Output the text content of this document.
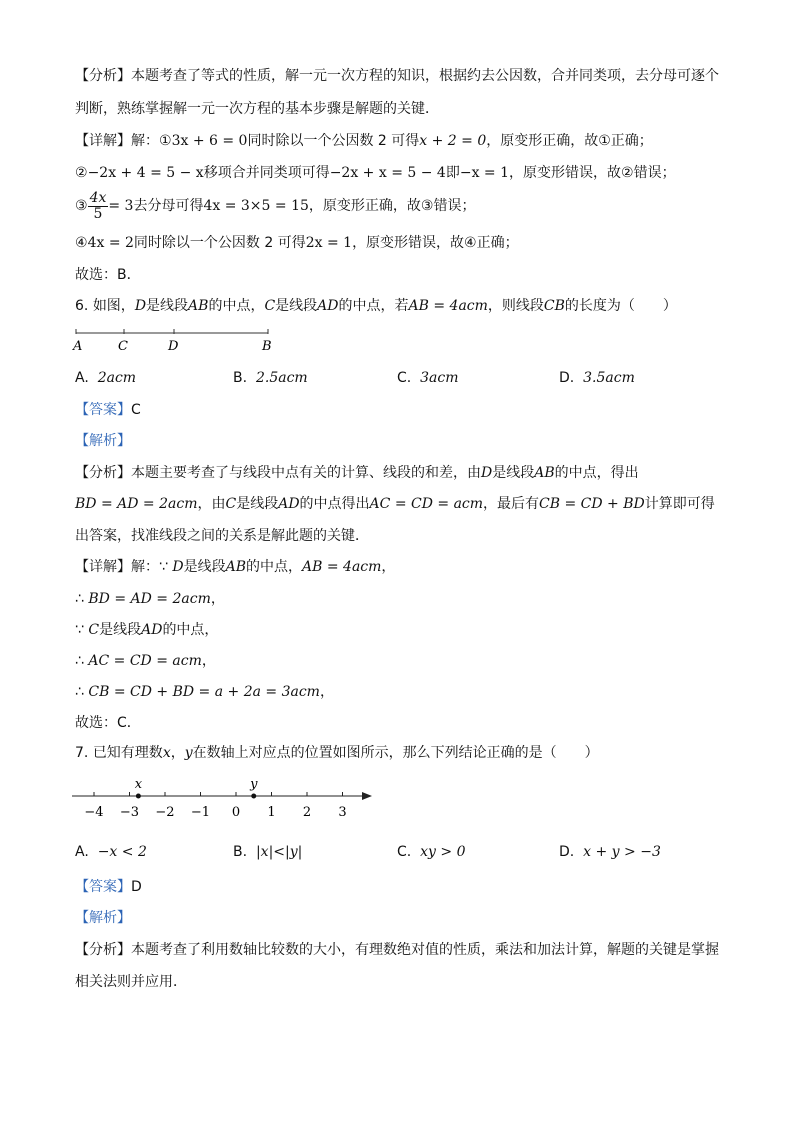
【分析】本题考查了等式的性质，解一元一次方程的知识，根据约去公因数，合并同类项，去分母可逐个
判断，熟练掌握解一元一次方程的基本步骤是解题的关键．
【详解】解：①3x + 6 = 0同时除以一个公因数 2 可得x + 2 = 0，原变形正确，故①正确；
②−2x + 4 = 5 − x移项合并同类项可得−2x + x = 5 − 4即−x = 1，原变形错误，故②错误；
③ $\frac{4x}{5} = 3$去分母可得4x = 3×5 = 15，原变形正确，故③错误；
④4x = 2同时除以一个公因数 2 可得2x = 1，原变形错误，故④正确；
故选：B．
6. 如图，D是线段AB的中点，C是线段AD的中点，若AB = 4acm，则线段CB的长度为（　　）
A	C	D	B
A. 2acm	B. 2.5acm	C. 3acm	D. 3.5acm
【答案】C
【解析】
【分析】本题主要考查了与线段中点有关的计算、线段的和差，由D是线段AB的中点，得出
BD = AD = 2acm，由C是线段AD的中点得出AC = CD = acm，最后有CB = CD + BD计算即可得
出答案，找准线段之间的关系是解此题的关键．
【详解】解：∵ D是线段AB的中点，AB = 4acm，
∴ BD = AD = 2acm，
∵ C是线段AD的中点，
∴ AC = CD = acm，
∴ CB = CD + BD = a + 2a = 3acm，
故选：C．
7. 已知有理数x，y在数轴上对应点的位置如图所示，那么下列结论正确的是（　　）
−4 −3 −2 −1 0 1 2 3
x	y
A. −x < 2	B. |x|<|y|	C. xy > 0	D. x + y > −3
【答案】D
【解析】
【分析】本题考查了利用数轴比较数的大小，有理数绝对值的性质，乘法和加法计算，解题的关键是掌握
相关法则并应用．
